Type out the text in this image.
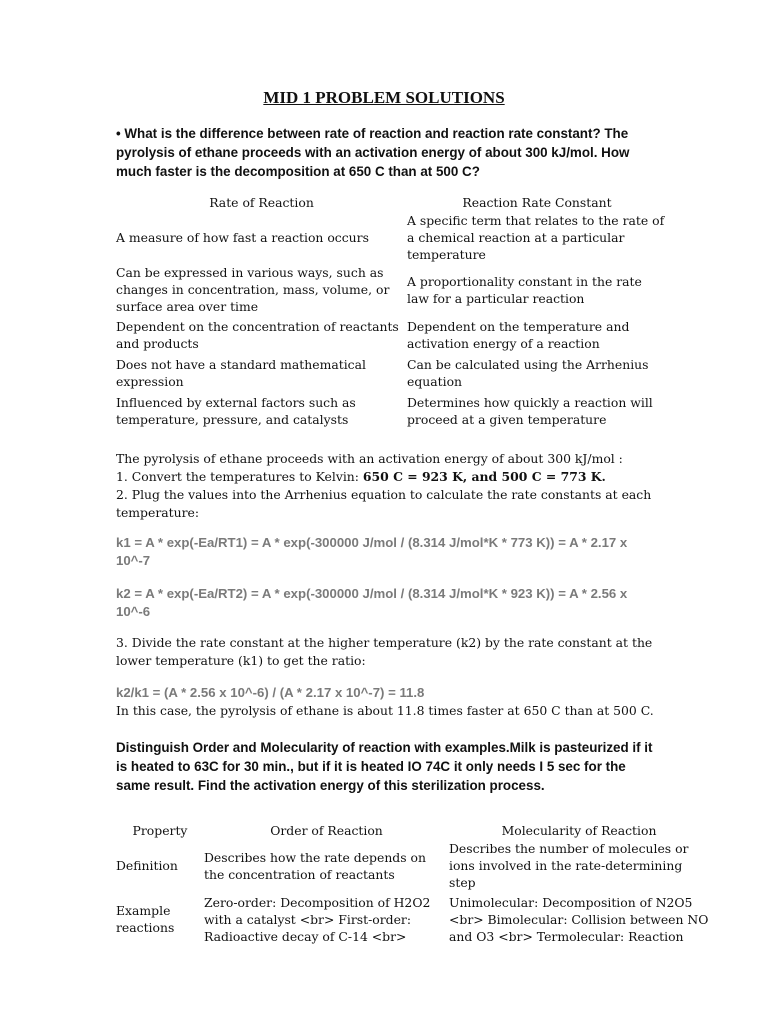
MID 1 PROBLEM SOLUTIONS

• What is the difference between rate of reaction and reaction rate constant? The pyrolysis of ethane proceeds with an activation energy of about 300 kJ/mol. How much faster is the decomposition at 650 C than at 500 C?

Rate of Reaction	Reaction Rate Constant
A measure of how fast a reaction occurs	A specific term that relates to the rate of a chemical reaction at a particular temperature
Can be expressed in various ways, such as changes in concentration, mass, volume, or surface area over time	A proportionality constant in the rate law for a particular reaction
Dependent on the concentration of reactants and products	Dependent on the temperature and activation energy of a reaction
Does not have a standard mathematical expression	Can be calculated using the Arrhenius equation
Influenced by external factors such as temperature, pressure, and catalysts	Determines how quickly a reaction will proceed at a given temperature

The pyrolysis of ethane proceeds with an activation energy of about 300 kJ/mol :
1. Convert the temperatures to Kelvin: 650 C = 923 K, and 500 C = 773 K.
2. Plug the values into the Arrhenius equation to calculate the rate constants at each temperature:

k1 = A * exp(-Ea/RT1) = A * exp(-300000 J/mol / (8.314 J/mol*K * 773 K)) = A * 2.17 x 10^-7

k2 = A * exp(-Ea/RT2) = A * exp(-300000 J/mol / (8.314 J/mol*K * 923 K)) = A * 2.56 x 10^-6

3. Divide the rate constant at the higher temperature (k2) by the rate constant at the lower temperature (k1) to get the ratio:

k2/k1 = (A * 2.56 x 10^-6) / (A * 2.17 x 10^-7) = 11.8

In this case, the pyrolysis of ethane is about 11.8 times faster at 650 C than at 500 C.

Distinguish Order and Molecularity of reaction with examples.Milk is pasteurized if it is heated to 63C for 30 min., but if it is heated IO 74C it only needs I 5 sec for the same result. Find the activation energy of this sterilization process.

Property	Order of Reaction	Molecularity of Reaction
Definition	Describes how the rate depends on the concentration of reactants	Describes the number of molecules or ions involved in the rate-determining step
Example reactions	Zero-order: Decomposition of H2O2 with a catalyst <br> First-order: Radioactive decay of C-14 <br>	Unimolecular: Decomposition of N2O5 <br> Bimolecular: Collision between NO and O3 <br> Termolecular: Reaction
